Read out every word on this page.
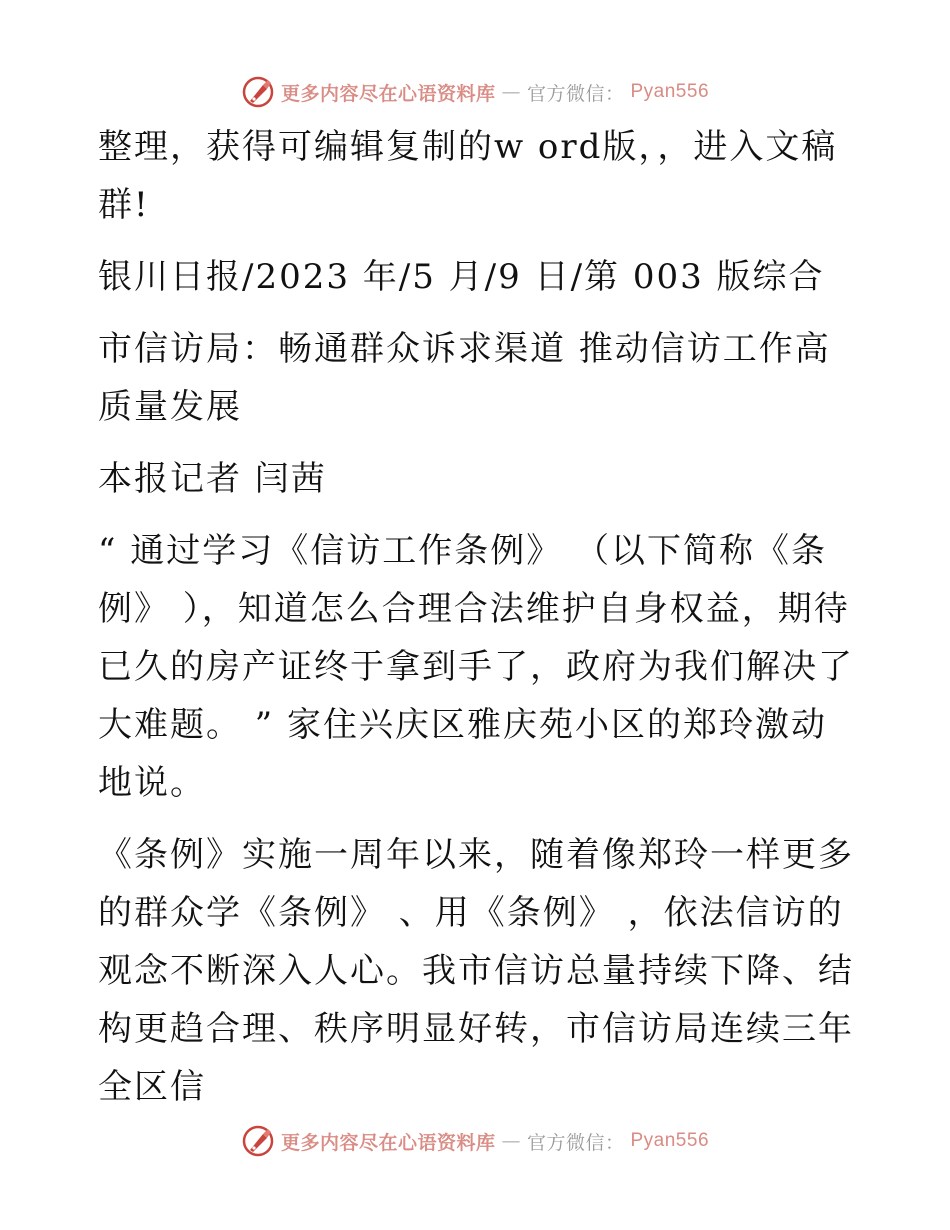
更多内容尽在心语资料库 — 官方微信： Pyan556

整理，获得可编辑复制的w ord版，，进入文稿群!

银川日报/2023 年/5 月/9 日/第 003 版综合

市信访局：畅通群众诉求渠道 推动信访工作高质量发展

本报记者 闫茜

“ 通过学习《信访工作条例》 （以下简称《条例》 ），知道怎么合理合法维护自身权益，期待已久的房产证终于拿到手了，政府为我们解决了大难题。 ” 家住兴庆区雅庆苑小区的郑玲激动地说。

《条例》实施一周年以来，随着像郑玲一样更多的群众学《条例》 、用《条例》 ，依法信访的观念不断深入人心。我市信访总量持续下降、结构更趋合理、秩序明显好转，市信访局连续三年全区信

更多内容尽在心语资料库 — 官方微信： Pyan556
